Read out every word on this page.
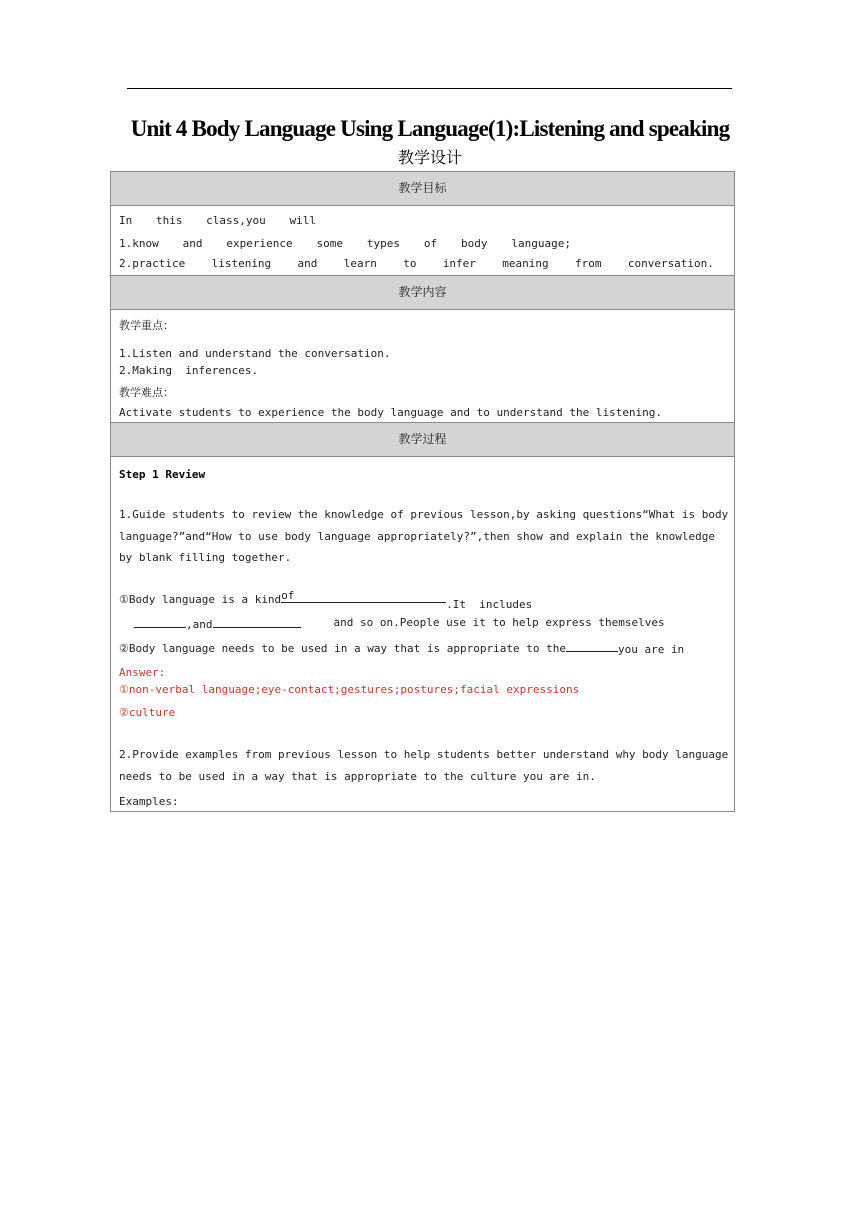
Unit 4 Body Language Using Language(1):Listening and speaking
教学设计
教学目标
In this class,you will
1.know and experience some types of body language;
2.practice listening and learn to infer meaning from conversation.
教学内容
教学重点：
1.Listen and understand the conversation.
2.Making  inferences.
教学难点：
Activate students to experience the body language and to understand the listening.
教学过程
Step 1 Review
1.Guide students to review the knowledge of previous lesson,by asking questions“What is body
language?”and“How to use body language appropriately?”,then show and explain the knowledge
by blank filling together.
①Body language is a kind of
.It  includes
,and	and so on.People use it to help express themselves
②Body language needs to be used in a way that is appropriate to the	you are in
Answer:
①non-verbal language;eye-contact;gestures;postures;facial expressions
②culture
2.Provide examples from previous lesson to help students better understand why body language
needs to be used in a way that is appropriate to the culture you are in.
Examples:
